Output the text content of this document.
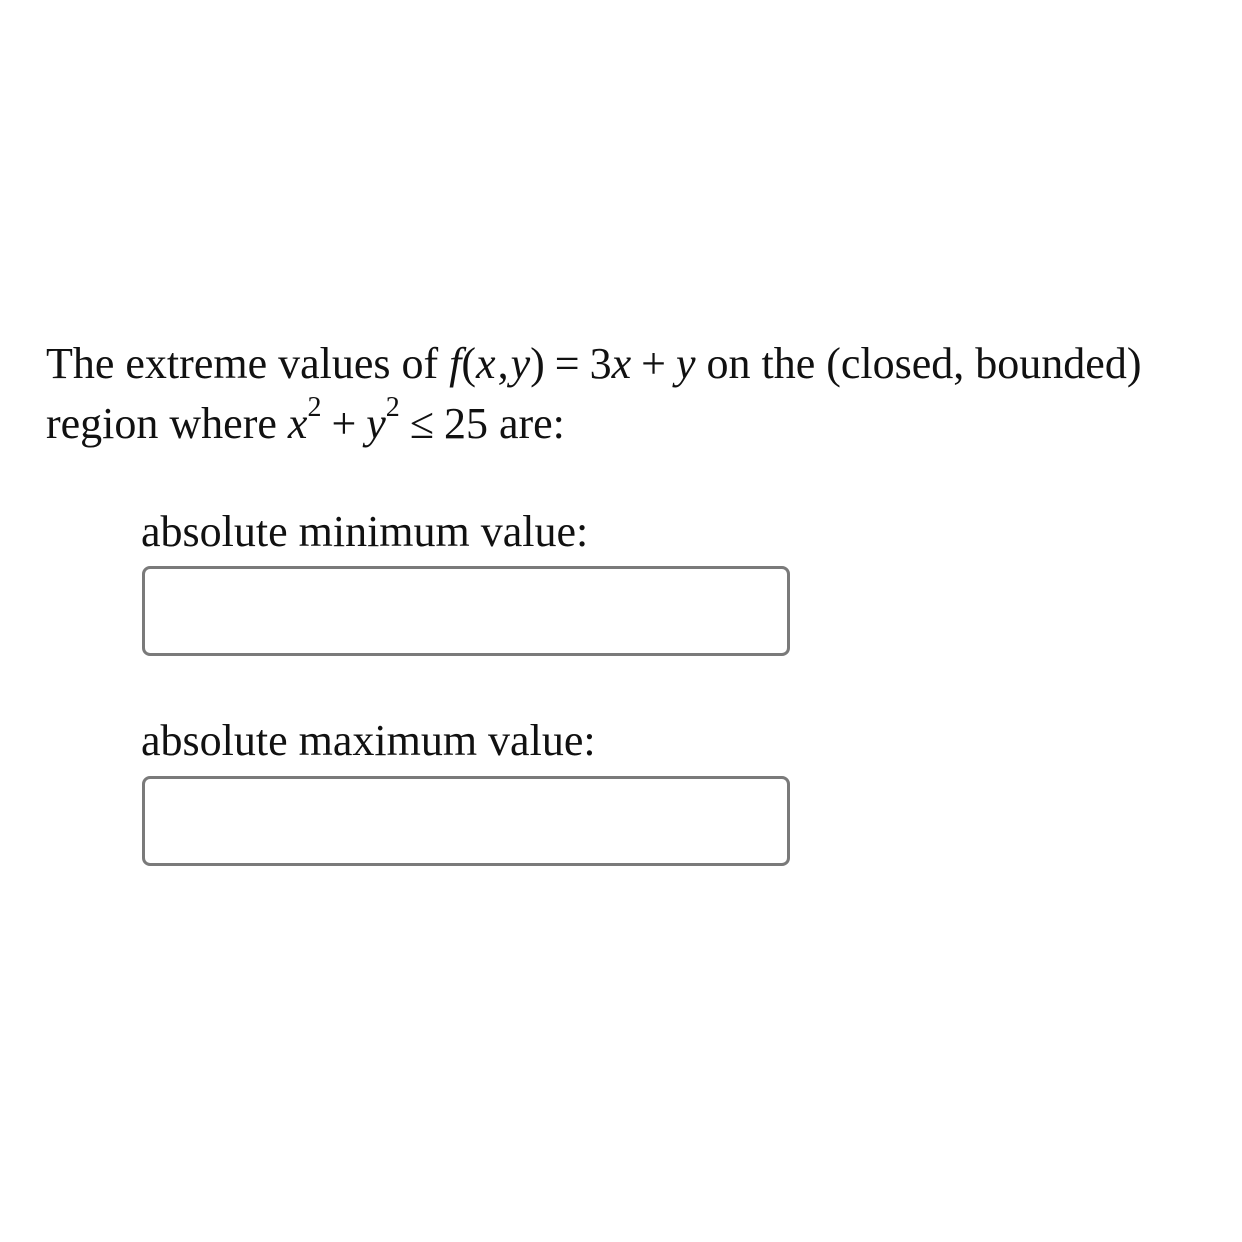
The extreme values of f(x,y) = 3x + y on the (closed, bounded) region where $x^2 + y^2 \le 25$ are:
absolute minimum value:
absolute maximum value:
